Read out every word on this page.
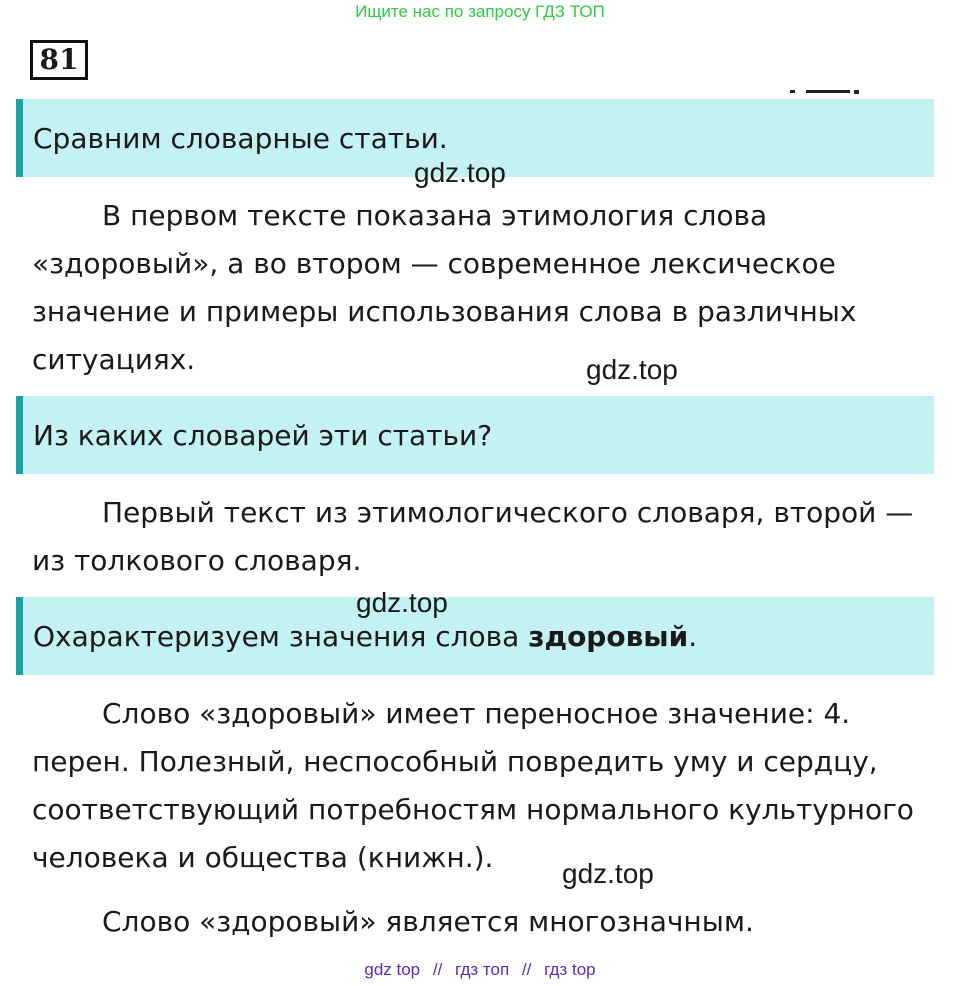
Ищите нас по запросу ГДЗ ТОП
81
Сравним словарные статьи.
В первом тексте показана этимология слова «здоровый», а во втором — современное лексическое значение и примеры использования слова в различных ситуациях.
Из каких словарей эти статьи?
Первый текст из этимологического словаря, второй — из толкового словаря.
Охарактеризуем значения слова здоровый.
Слово «здоровый» имеет переносное значение: 4. перен. Полезный, неспособный повредить уму и сердцу, соответствующий потребностям нормального культурного человека и общества (книжн.).
Слово «здоровый» является многозначным.
gdz.top
gdz.top
gdz.top
gdz.top
gdz top // гдз топ // гдз top
